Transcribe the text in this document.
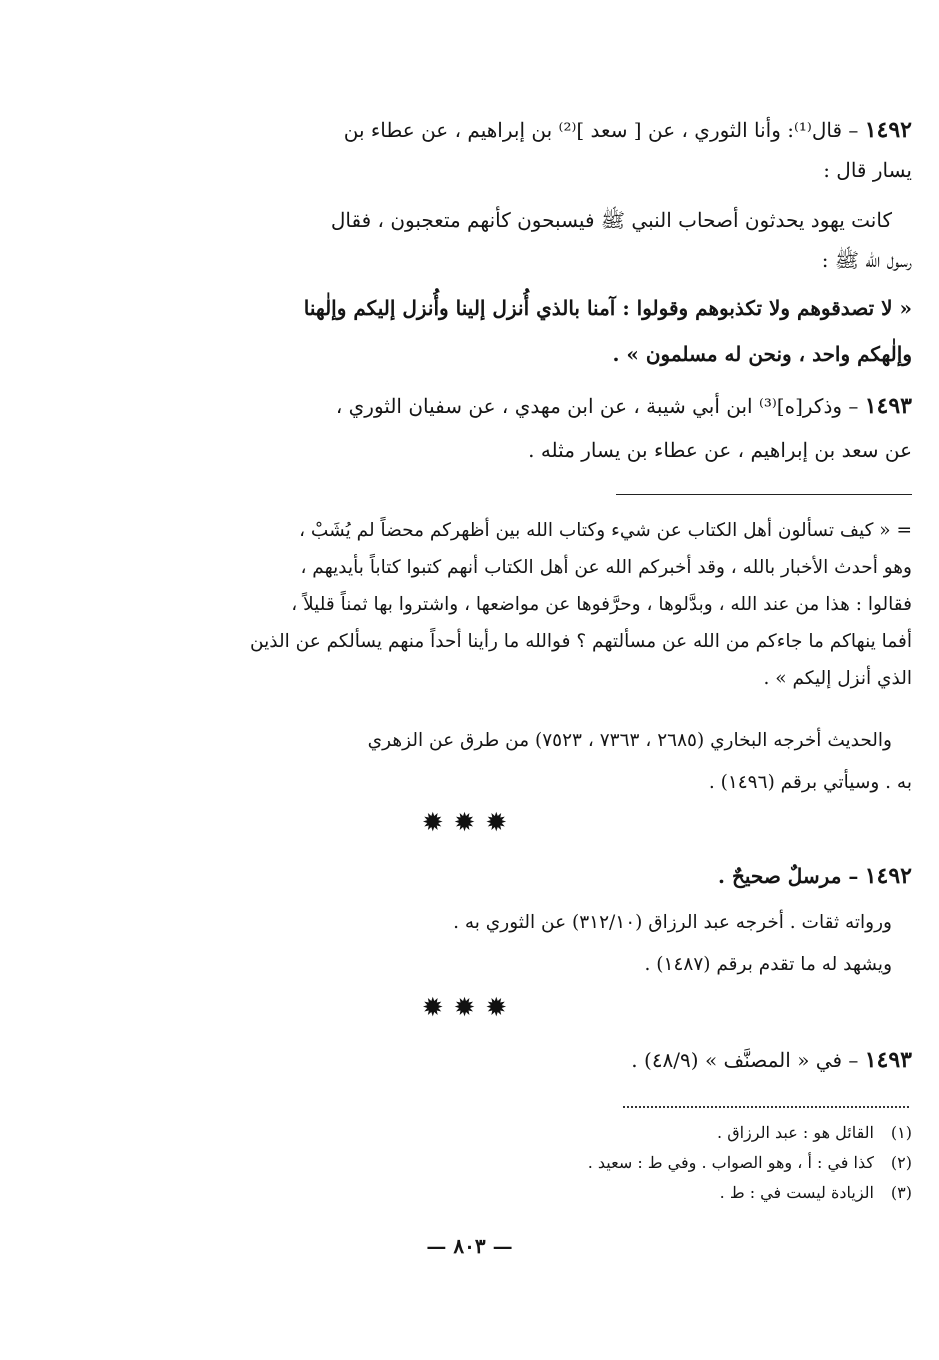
١٤٩٢ – قال⁽¹⁾: وأنا الثوري ، عن [ سعد ]⁽²⁾ بن إبراهيم ، عن عطاء بن
يسار قال :
كانت يهود يحدثون أصحاب النبي ﷺ فيسبحون كأنهم متعجبون ، فقال
رسول الله ﷺ :
« لا تصدقوهم ولا تكذبوهم وقولوا : آمنا بالذي أُنزل إلينا وأُنزل إليكم وإلٰهنا
وإلٰهكم واحد ، ونحن له مسلمون » .
١٤٩٣ – وذكر[ه]⁽³⁾ ابن أبي شيبة ، عن ابن مهدي ، عن سفيان الثوري ،
عن سعد بن إبراهيم ، عن عطاء بن يسار مثله .
= « كيف تسألون أهل الكتاب عن شيء وكتاب الله بين أظهركم محضاً لم يُشَبْ ،
وهو أحدث الأخبار بالله ، وقد أخبركم الله عن أهل الكتاب أنهم كتبوا كتاباً بأيديهم ،
فقالوا : هذا من عند الله ، وبدَّلوها ، وحرَّفوها عن مواضعها ، واشتروا بها ثمناً قليلاً ،
أفما ينهاكم ما جاءكم من الله عن مسألتهم ؟ فوالله ما رأينا أحداً منهم يسألكم عن الذين
الذي أنزل إليكم » .
والحديث أخرجه البخاري (٢٦٨٥ ، ٧٣٦٣ ، ٧٥٢٣) من طرق عن الزهري
به . وسيأتي برقم (١٤٩٦) .
✹✹✹
١٤٩٢ – مرسلٌ صحيحٌ .
ورواته ثقات . أخرجه عبد الرزاق (٣١٢/١٠) عن الثوري به .
ويشهد له ما تقدم برقم (١٤٨٧) .
✹✹✹
١٤٩٣ – في « المصنَّف » (٤٨/٩) .
(١)القائل هو : عبد الرزاق .
(٢)كذا في : أ ، وهو الصواب . وفي ط : سعيد .
(٣)الزيادة ليست في : ط .
— ٨٠٣ —
